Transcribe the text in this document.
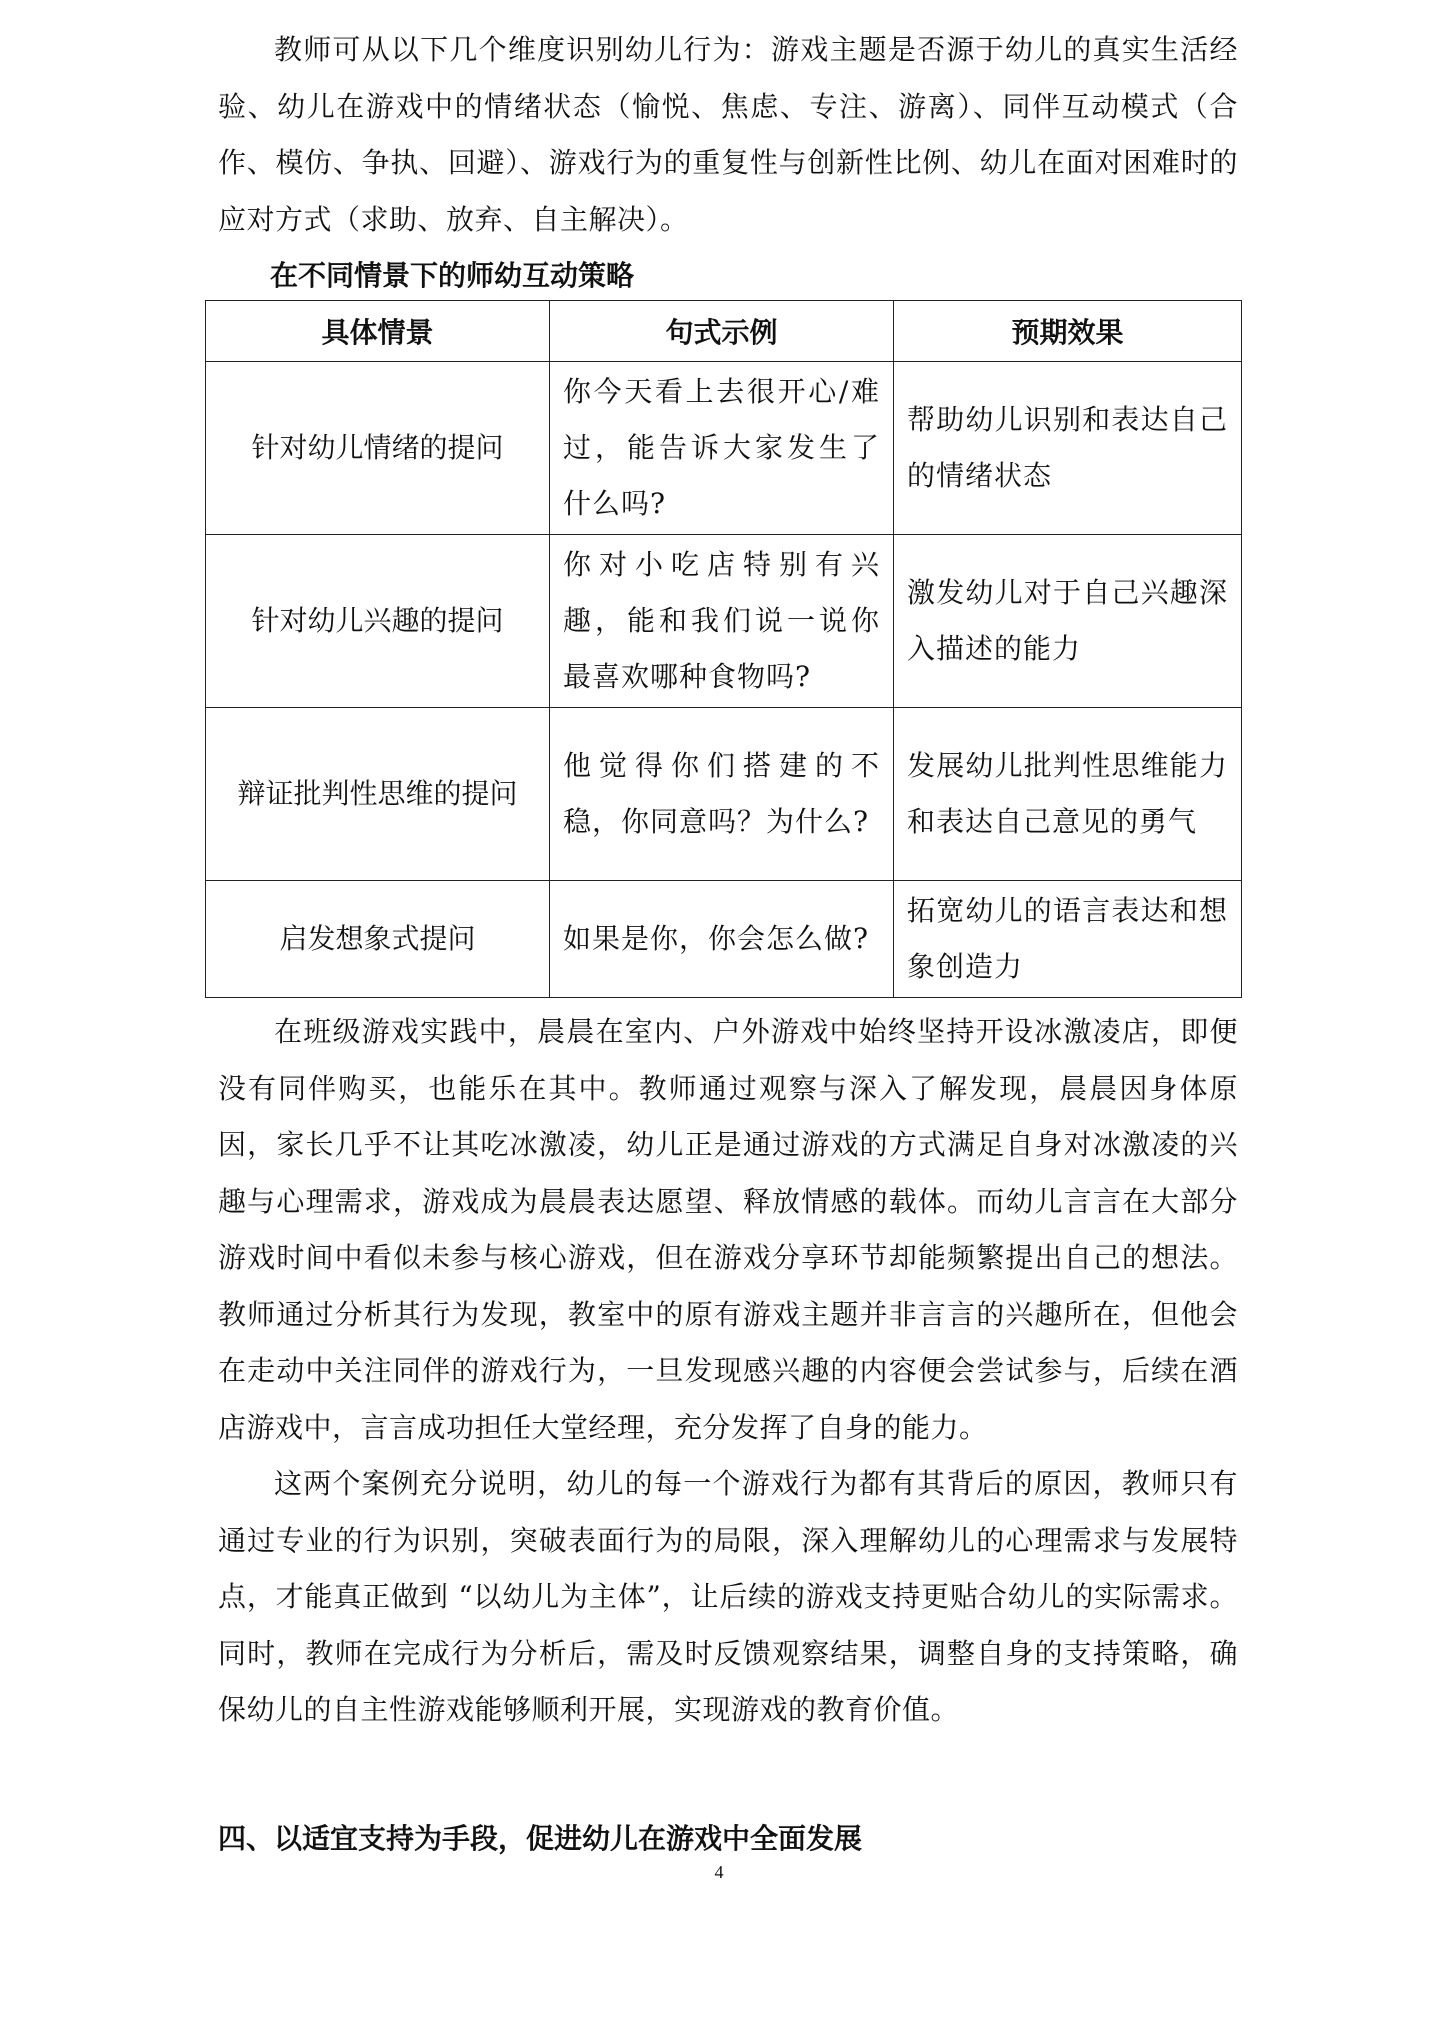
教师可从以下几个维度识别幼儿行为：游戏主题是否源于幼儿的真实生活经验、幼儿在游戏中的情绪状态（愉悦、焦虑、专注、游离）、同伴互动模式（合作、模仿、争执、回避）、游戏行为的重复性与创新性比例、幼儿在面对困难时的应对方式（求助、放弃、自主解决）。

在不同情景下的师幼互动策略

具体情景	句式示例	预期效果
针对幼儿情绪的提问	你今天看上去很开心/难过，能告诉大家发生了什么吗?	帮助幼儿识别和表达自己的情绪状态
针对幼儿兴趣的提问	你对小吃店特别有兴趣，能和我们说一说你最喜欢哪种食物吗?	激发幼儿对于自己兴趣深入描述的能力
辩证批判性思维的提问	他觉得你们搭建的不稳，你同意吗？为什么?	发展幼儿批判性思维能力和表达自己意见的勇气
启发想象式提问	如果是你，你会怎么做?	拓宽幼儿的语言表达和想象创造力

在班级游戏实践中，晨晨在室内、户外游戏中始终坚持开设冰激凌店，即便没有同伴购买，也能乐在其中。教师通过观察与深入了解发现，晨晨因身体原因，家长几乎不让其吃冰激凌，幼儿正是通过游戏的方式满足自身对冰激凌的兴趣与心理需求，游戏成为晨晨表达愿望、释放情感的载体。而幼儿言言在大部分游戏时间中看似未参与核心游戏，但在游戏分享环节却能频繁提出自己的想法。教师通过分析其行为发现，教室中的原有游戏主题并非言言的兴趣所在，但他会在走动中关注同伴的游戏行为，一旦发现感兴趣的内容便会尝试参与，后续在酒店游戏中，言言成功担任大堂经理，充分发挥了自身的能力。

这两个案例充分说明，幼儿的每一个游戏行为都有其背后的原因，教师只有通过专业的行为识别，突破表面行为的局限，深入理解幼儿的心理需求与发展特点，才能真正做到 “以幼儿为主体”，让后续的游戏支持更贴合幼儿的实际需求。同时，教师在完成行为分析后，需及时反馈观察结果，调整自身的支持策略，确保幼儿的自主性游戏能够顺利开展，实现游戏的教育价值。

四、以适宜支持为手段，促进幼儿在游戏中全面发展

4
